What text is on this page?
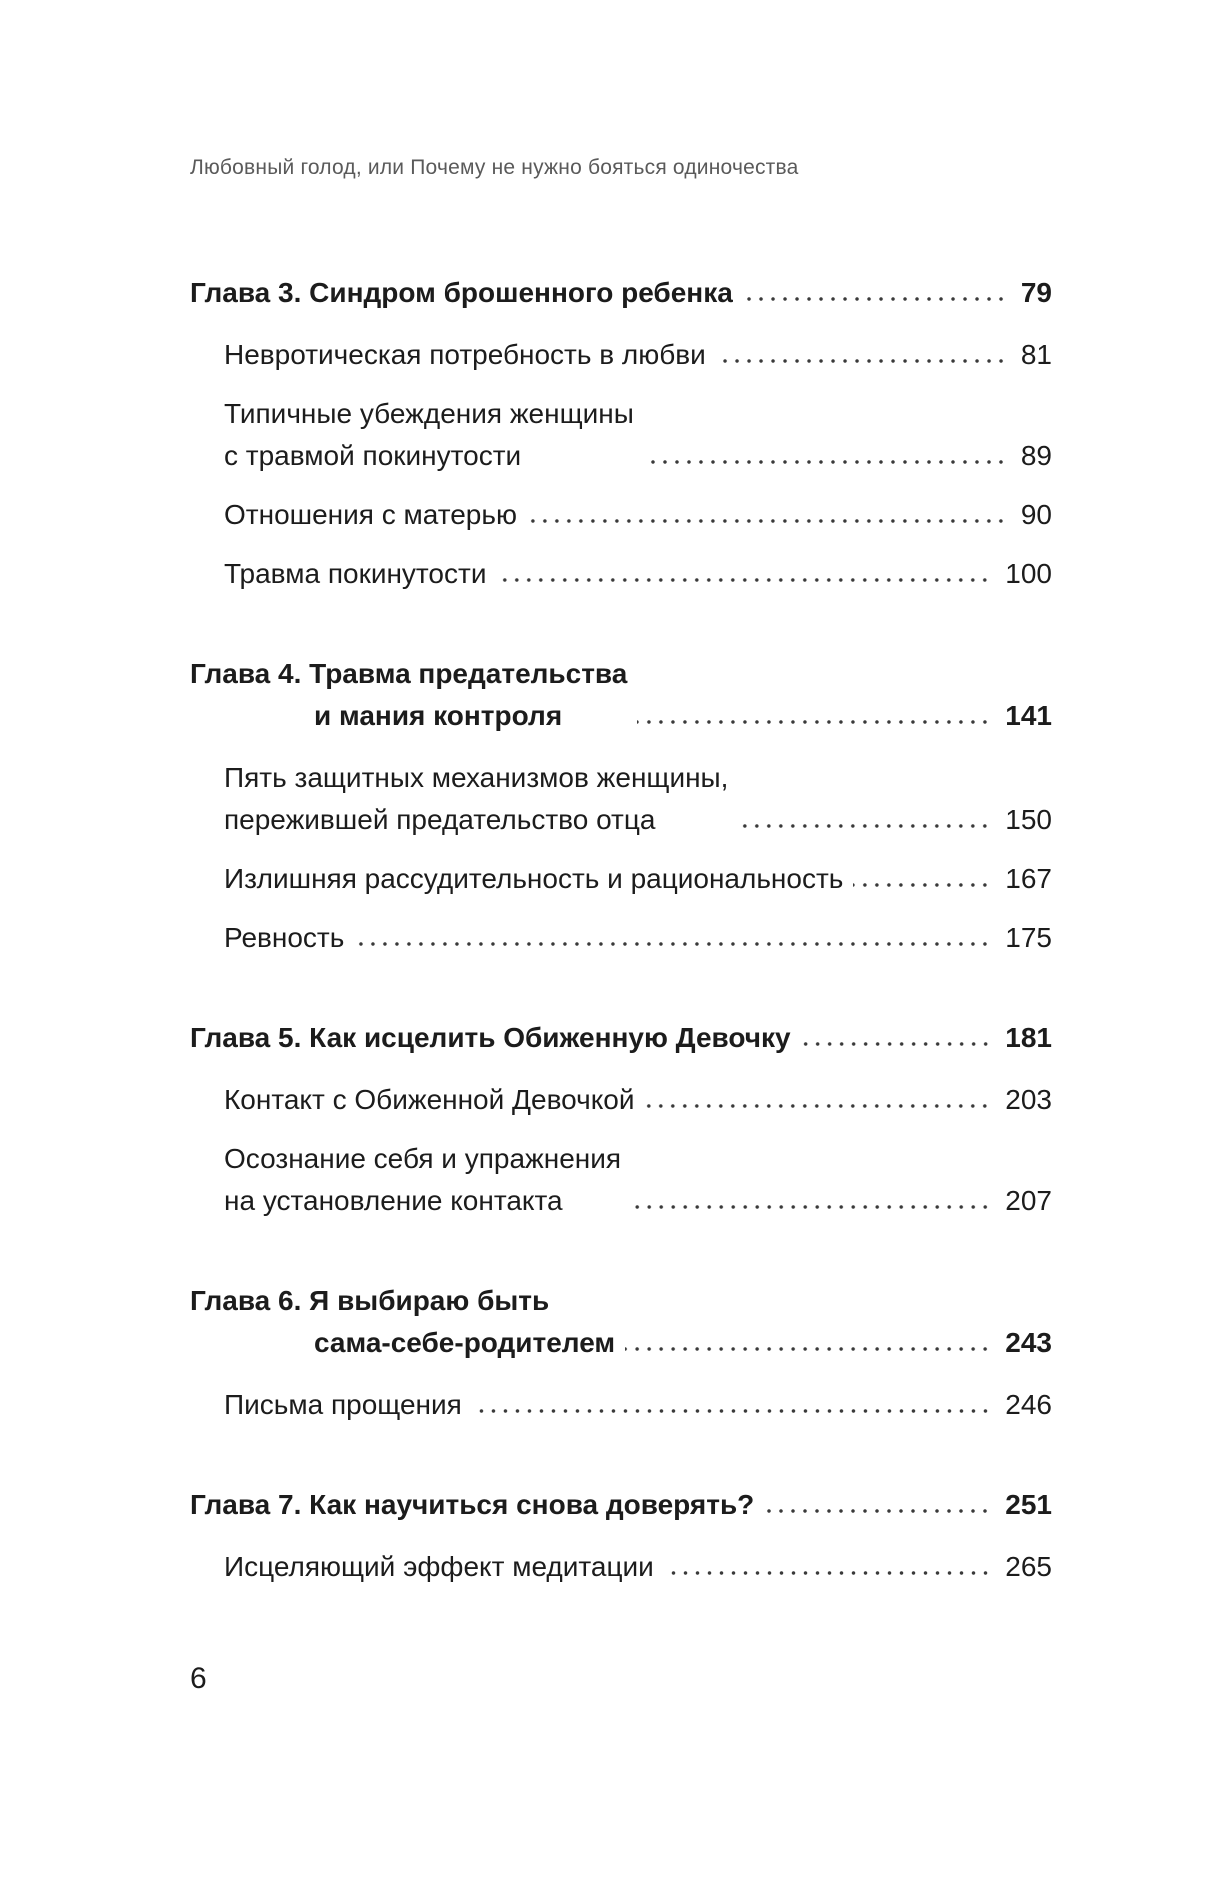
Любовный голод, или Почему не нужно бояться одиночества
Глава 3. Синдром брошенного ребенка	79
Невротическая потребность в любви	81
Типичные убеждения женщины
с травмой покинутости	89
Отношения с матерью	90
Травма покинутости	100
Глава 4. Травма предательства
и мания контроля	141
Пять защитных механизмов женщины,
пережившей предательство отца	150
Излишняя рассудительность и рациональность	167
Ревность	175
Глава 5. Как исцелить Обиженную Девочку	181
Контакт с Обиженной Девочкой	203
Осознание себя и упражнения
на установление контакта	207
Глава 6. Я выбираю быть
сама-себе-родителем	243
Письма прощения	246
Глава 7. Как научиться снова доверять?	251
Исцеляющий эффект медитации	265
6
